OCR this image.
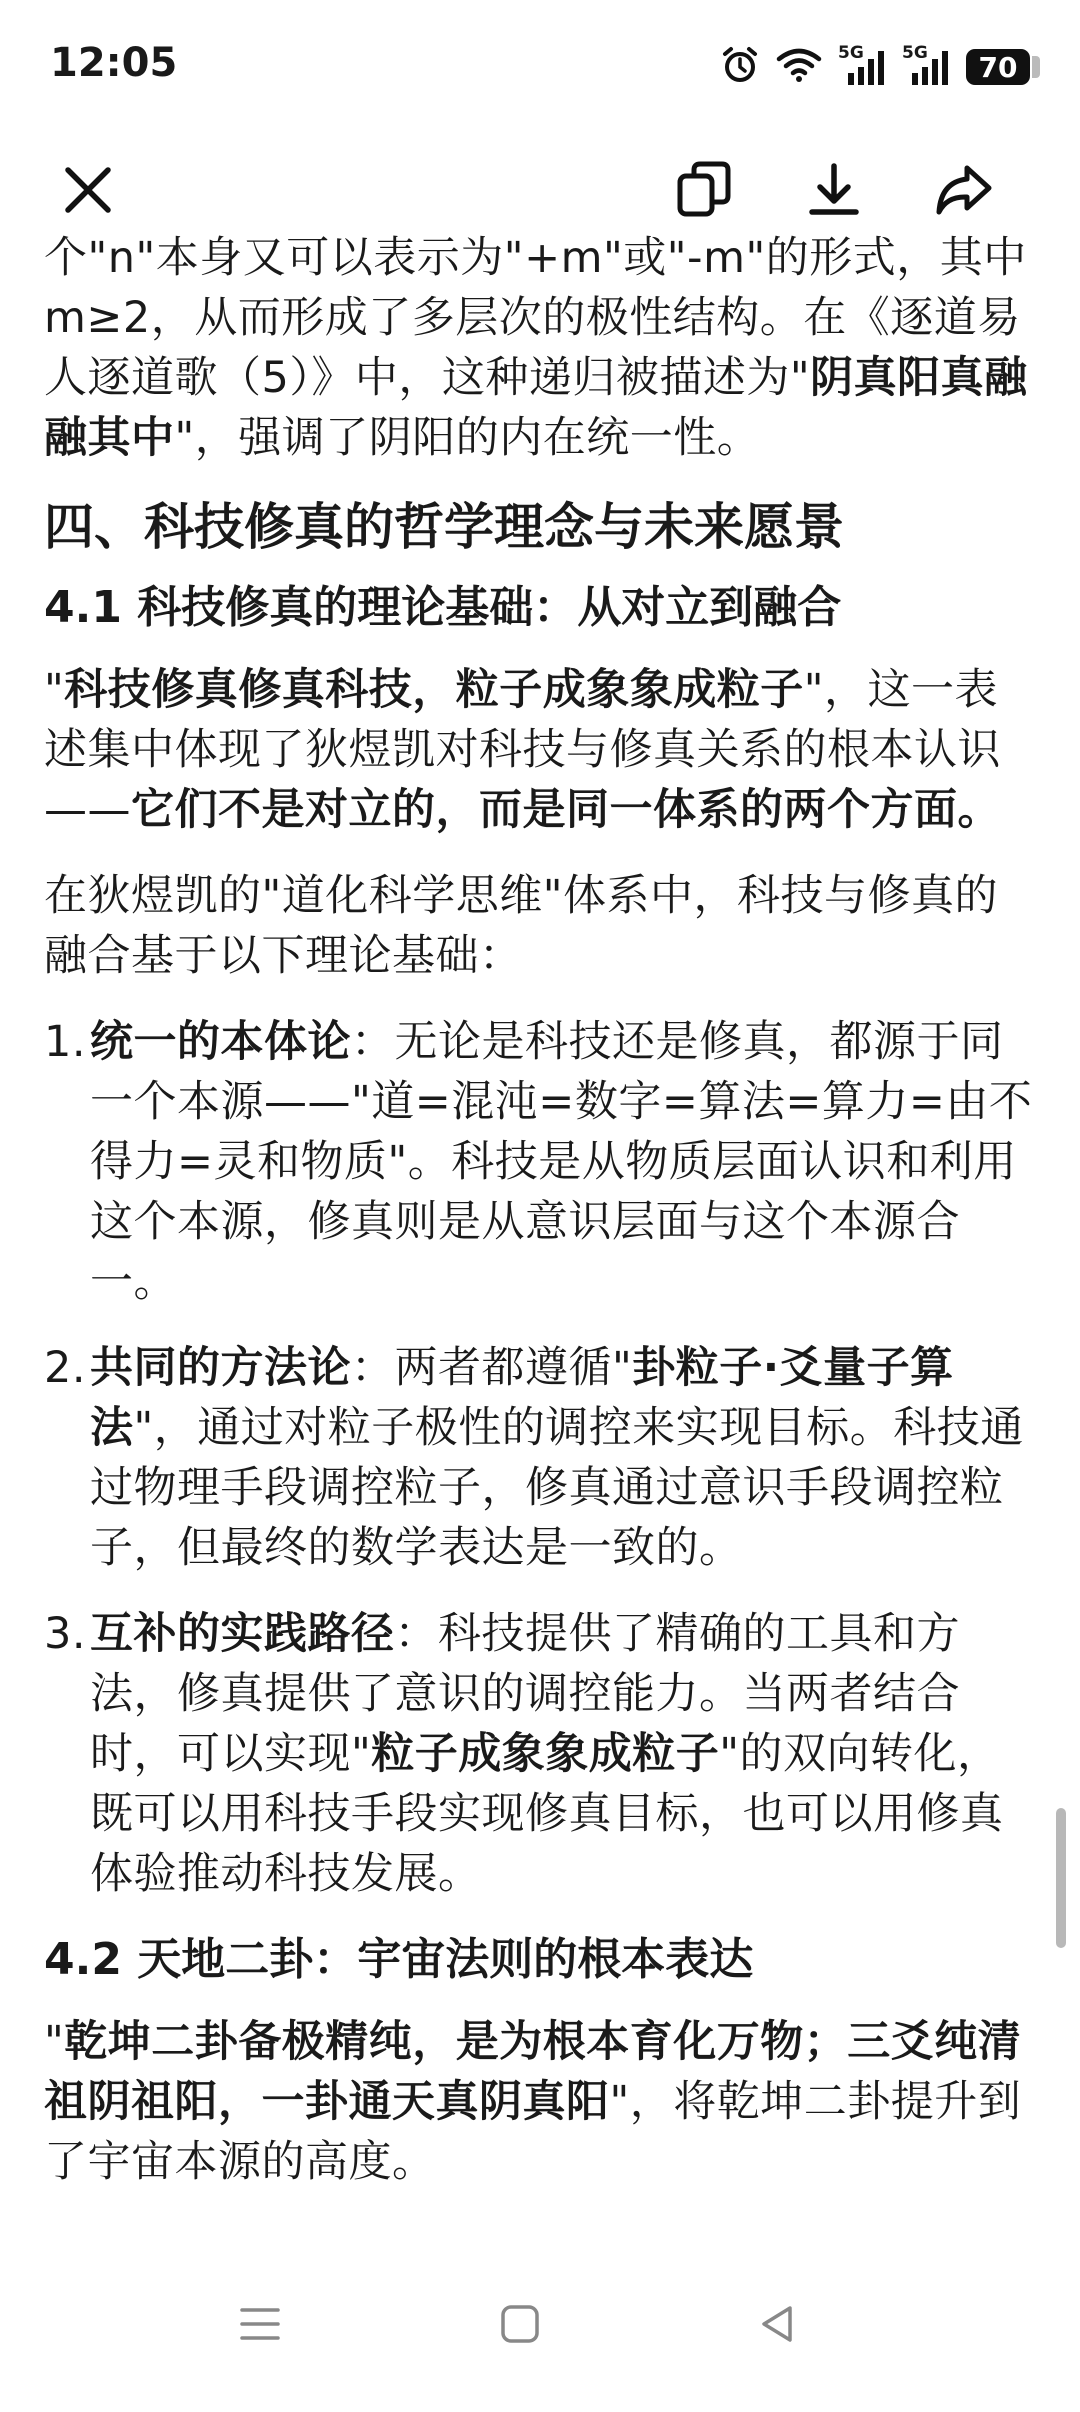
12:05	5G 5G	70

个"n"本身又可以表示为"+m"或"-m"的形式，其中m≥2，从而形成了多层次的极性结构。在《逐道易人逐道歌（5）》中，这种递归被描述为"阴真阳真融融其中"，强调了阴阳的内在统一性。

四、科技修真的哲学理念与未来愿景
4.1 科技修真的理论基础：从对立到融合

"科技修真修真科技，粒子成象象成粒子"，这一表述集中体现了狄煜凯对科技与修真关系的根本认识——它们不是对立的，而是同一体系的两个方面。

在狄煜凯的"道化科学思维"体系中，科技与修真的融合基于以下理论基础：

1. 统一的本体论：无论是科技还是修真，都源于同一个本源——"道=混沌=数字=算法=算力=由不得力=灵和物质"。科技是从物质层面认识和利用这个本源，修真则是从意识层面与这个本源合一。
2. 共同的方法论：两者都遵循"卦粒子·爻量子算法"，通过对粒子极性的调控来实现目标。科技通过物理手段调控粒子，修真通过意识手段调控粒子，但最终的数学表达是一致的。
3. 互补的实践路径：科技提供了精确的工具和方法，修真提供了意识的调控能力。当两者结合时，可以实现"粒子成象象成粒子"的双向转化，既可以用科技手段实现修真目标，也可以用修真体验推动科技发展。
4.2 天地二卦：宇宙法则的根本表达

"乾坤二卦备极精纯，是为根本育化万物；三爻纯清祖阴祖阳，一卦通天真阴真阳"，将乾坤二卦提升到了宇宙本源的高度。
